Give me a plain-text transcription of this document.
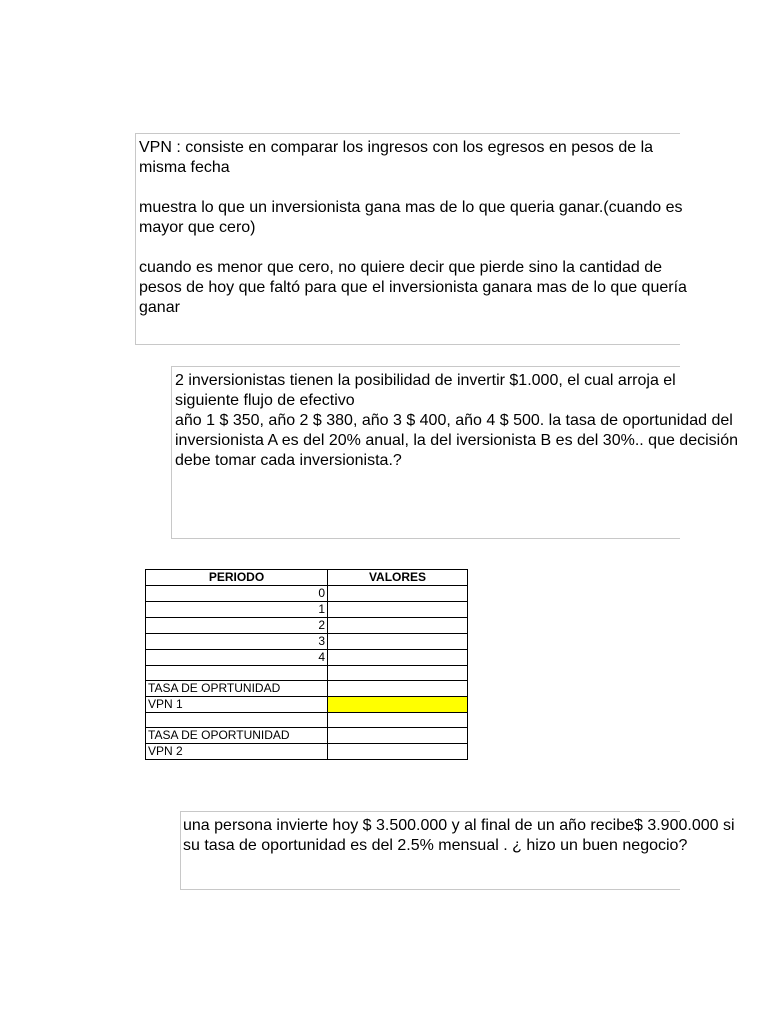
VPN : consiste en comparar los ingresos con los egresos en pesos de la
misma fecha
muestra lo que un inversionista gana mas de lo que queria ganar.(cuando es
mayor que cero)
cuando es menor que cero, no quiere decir que pierde sino la cantidad de
pesos de hoy que faltó para que el inversionista ganara mas de lo que quería
ganar
2 inversionistas tienen la posibilidad de invertir $1.000, el cual arroja el
siguiente flujo de efectivo
año 1 $ 350, año 2 $ 380, año 3 $ 400, año 4 $ 500. la tasa de oportunidad del
inversionista A es del 20% anual, la del iversionista B es del 30%.. que decisión
debe tomar cada inversionista.?
PERIODO	VALORES
0	
1	
2	
3	
4	

TASA DE OPRTUNIDAD	
VPN 1	

TASA DE OPORTUNIDAD	
VPN 2	
una persona invierte hoy $ 3.500.000 y al final de un año recibe$ 3.900.000 si
su tasa de oportunidad es del 2.5% mensual . ¿ hizo un buen negocio?
